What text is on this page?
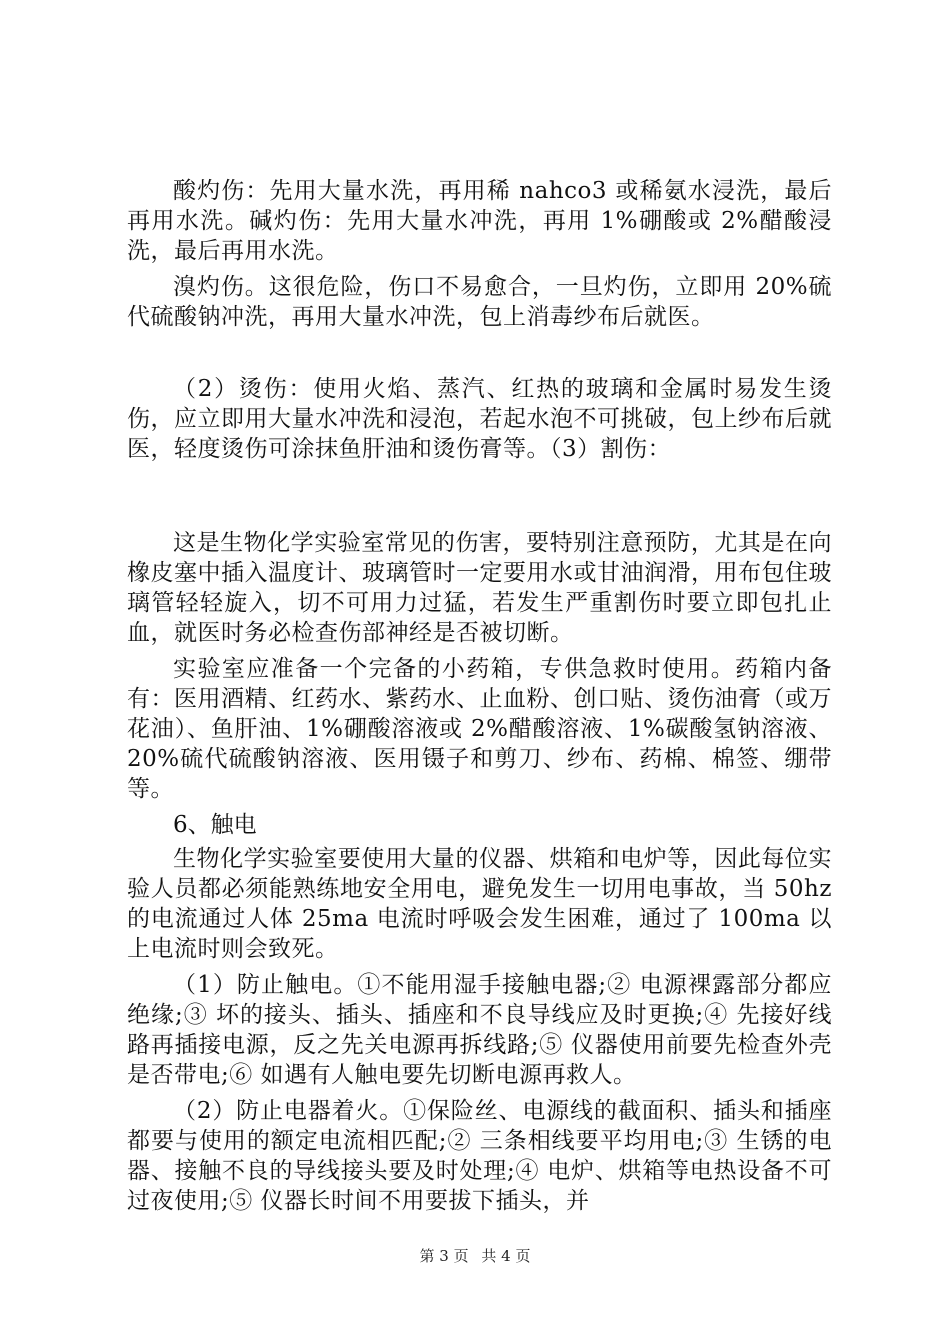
酸灼伤：先用大量水洗，再用稀 nahco3 或稀氨水浸洗，最后再用水洗。碱灼伤：先用大量水冲洗，再用 1%硼酸或 2%醋酸浸洗，最后再用水洗。

溴灼伤。这很危险，伤口不易愈合，一旦灼伤，立即用 20%硫代硫酸钠冲洗，再用大量水冲洗，包上消毒纱布后就医。

（2）烫伤：使用火焰、蒸汽、红热的玻璃和金属时易发生烫伤，应立即用大量水冲洗和浸泡，若起水泡不可挑破，包上纱布后就医，轻度烫伤可涂抹鱼肝油和烫伤膏等。（3）割伤：

这是生物化学实验室常见的伤害，要特别注意预防，尤其是在向橡皮塞中插入温度计、玻璃管时一定要用水或甘油润滑，用布包住玻璃管轻轻旋入，切不可用力过猛，若发生严重割伤时要立即包扎止血，就医时务必检查伤部神经是否被切断。

实验室应准备一个完备的小药箱，专供急救时使用。药箱内备有：医用酒精、红药水、紫药水、止血粉、创口贴、烫伤油膏（或万花油）、鱼肝油、1%硼酸溶液或 2%醋酸溶液、1%碳酸氢钠溶液、20%硫代硫酸钠溶液、医用镊子和剪刀、纱布、药棉、棉签、绷带等。

6、触电

生物化学实验室要使用大量的仪器、烘箱和电炉等，因此每位实验人员都必须能熟练地安全用电，避免发生一切用电事故，当 50hz 的电流通过人体 25ma 电流时呼吸会发生困难，通过了 100ma 以上电流时则会致死。

（1）防止触电。①不能用湿手接触电器;② 电源裸露部分都应绝缘;③ 坏的接头、插头、插座和不良导线应及时更换;④ 先接好线路再插接电源，反之先关电源再拆线路;⑤ 仪器使用前要先检查外壳是否带电;⑥ 如遇有人触电要先切断电源再救人。

（2）防止电器着火。①保险丝、电源线的截面积、插头和插座都要与使用的额定电流相匹配;② 三条相线要平均用电;③ 生锈的电器、接触不良的导线接头要及时处理;④ 电炉、烘箱等电热设备不可过夜使用;⑤ 仪器长时间不用要拔下插头，并

第 3 页 共 4 页
